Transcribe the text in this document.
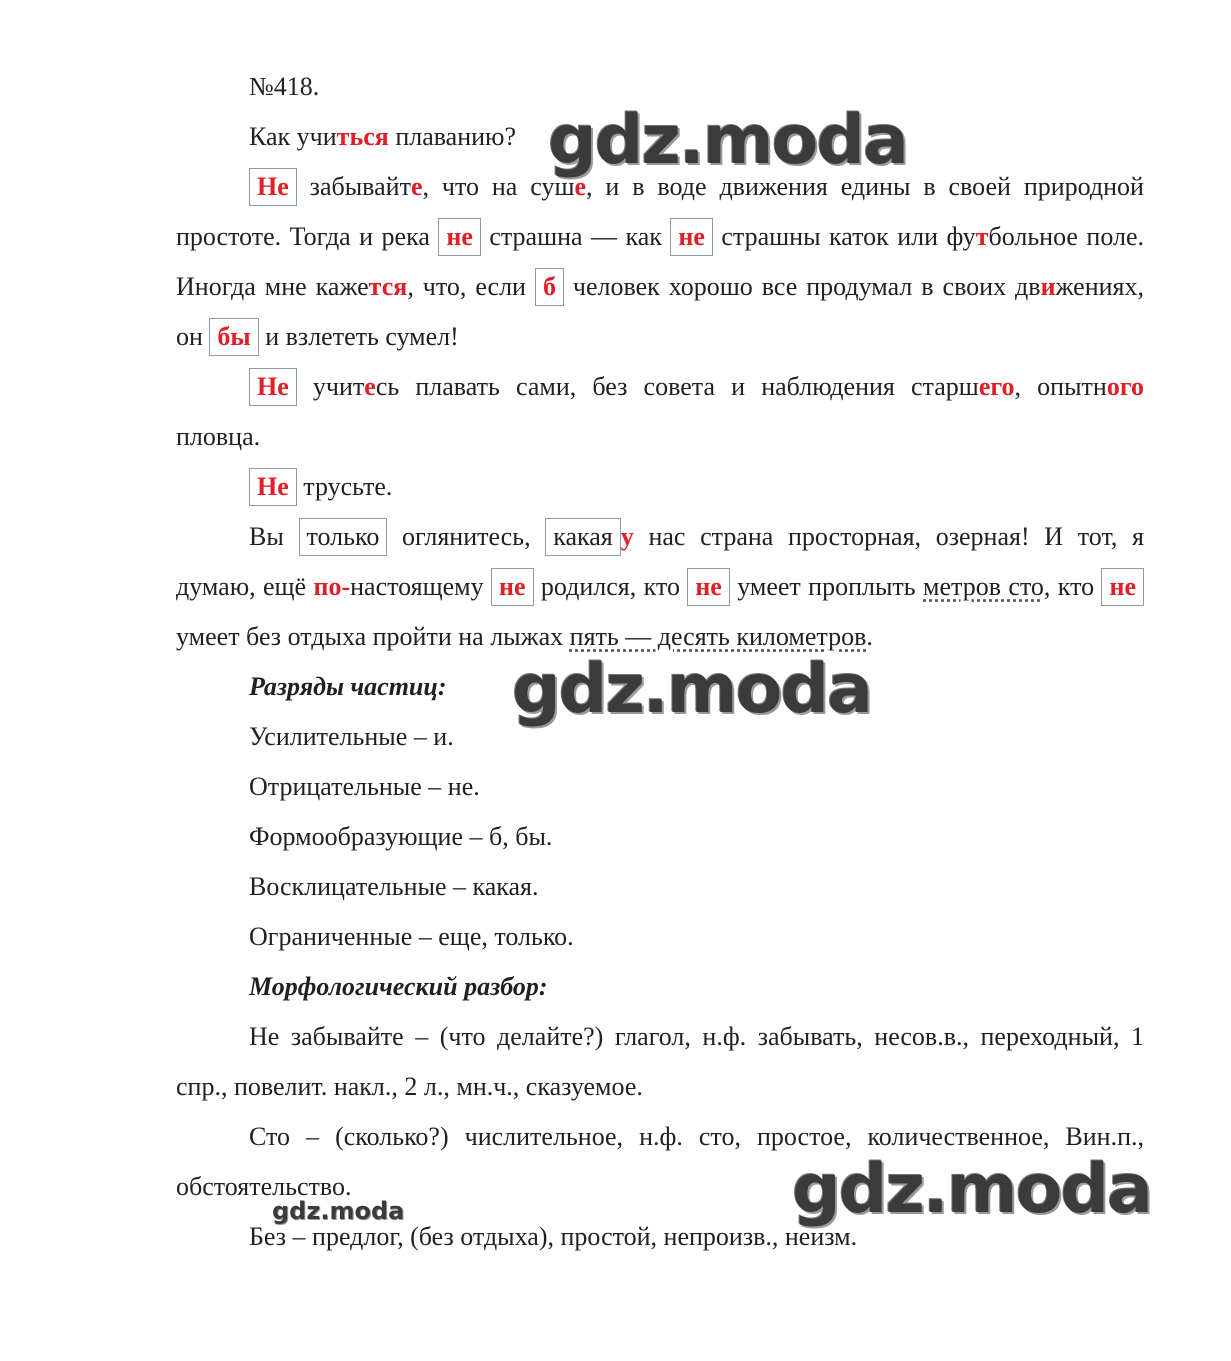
№418.

Как учиться плаванию?

Не забывайте, что на суше, и в воде движения едины в своей природной простоте. Тогда и река не страшна — как не страшны каток или футбольное поле. Иногда мне кажется, что, если б человек хорошо все продумал в своих движениях, он бы и взлететь сумел!

Не учитесь плавать сами, без совета и наблюдения старшего, опытного пловца.

Не трусьте.

Вы только оглянитесь, какая у нас страна просторная, озерная! И тот, я думаю, ещё по-настоящему не родился, кто не умеет проплыть метров сто, кто не умеет без отдыха пройти на лыжах пять — десять километров.

Разряды частиц:

Усилительные – и.

Отрицательные – не.

Формообразующие – б, бы.

Восклицательные – какая.

Ограниченные – еще, только.

Морфологический разбор:

Не забывайте – (что делайте?) глагол, н.ф. забывать, несов.в., переходный, 1 спр., повелит. накл., 2 л., мн.ч., сказуемое.

Сто – (сколько?) числительное, н.ф. сто, простое, количественное, Вин.п., обстоятельство.

Без – предлог, (без отдыха), простой, непроизв., неизм.

gdz.moda
gdz.moda
gdz.moda
gdz.moda
